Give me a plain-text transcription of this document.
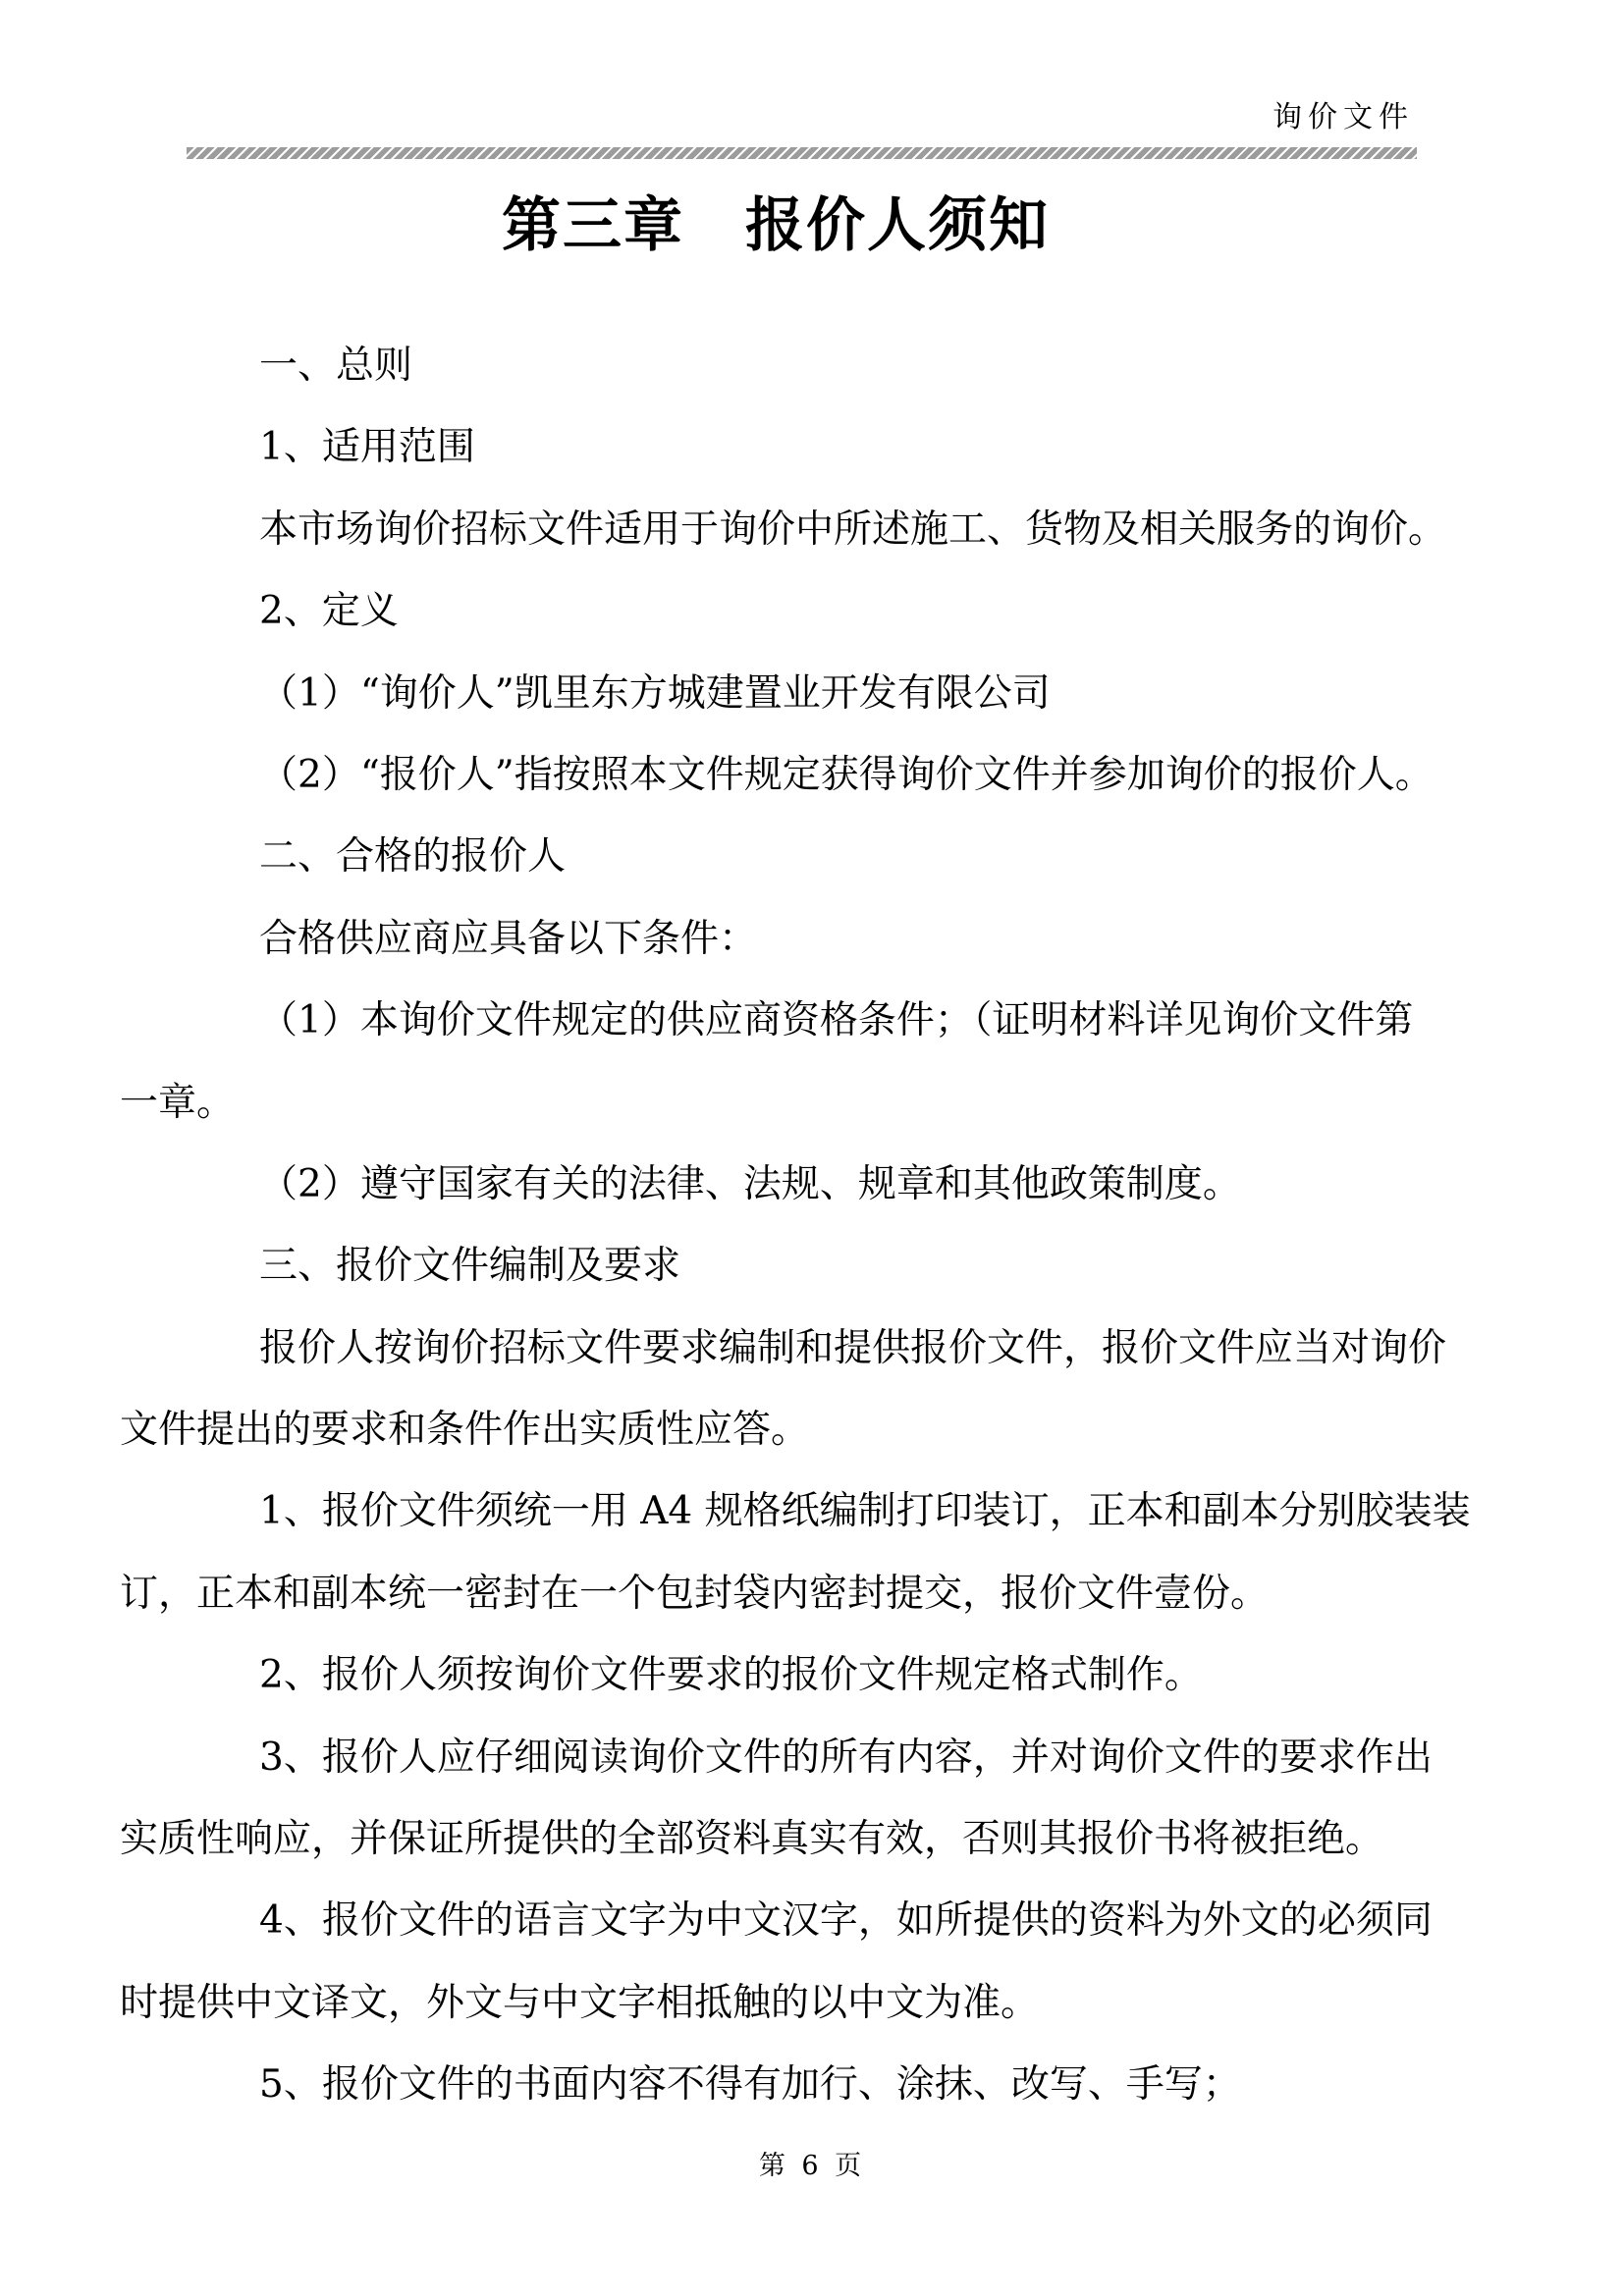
询价文件
第三章　报价人须知
一、总则
1、适用范围
本市场询价招标文件适用于询价中所述施工、货物及相关服务的询价。
2、定义
（1）“询价人”凯里东方城建置业开发有限公司
（2）“报价人”指按照本文件规定获得询价文件并参加询价的报价人。
二、合格的报价人
合格供应商应具备以下条件：
（1）本询价文件规定的供应商资格条件；（证明材料详见询价文件第
一章。
（2）遵守国家有关的法律、法规、规章和其他政策制度。
三、报价文件编制及要求
报价人按询价招标文件要求编制和提供报价文件，报价文件应当对询价
文件提出的要求和条件作出实质性应答。
1、报价文件须统一用 A4 规格纸编制打印装订，正本和副本分别胶装装
订，正本和副本统一密封在一个包封袋内密封提交，报价文件壹份。
2、报价人须按询价文件要求的报价文件规定格式制作。
3、报价人应仔细阅读询价文件的所有内容，并对询价文件的要求作出
实质性响应，并保证所提供的全部资料真实有效，否则其报价书将被拒绝。
4、报价文件的语言文字为中文汉字，如所提供的资料为外文的必须同
时提供中文译文，外文与中文字相抵触的以中文为准。
5、报价文件的书面内容不得有加行、涂抹、改写、手写；
第 6 页
